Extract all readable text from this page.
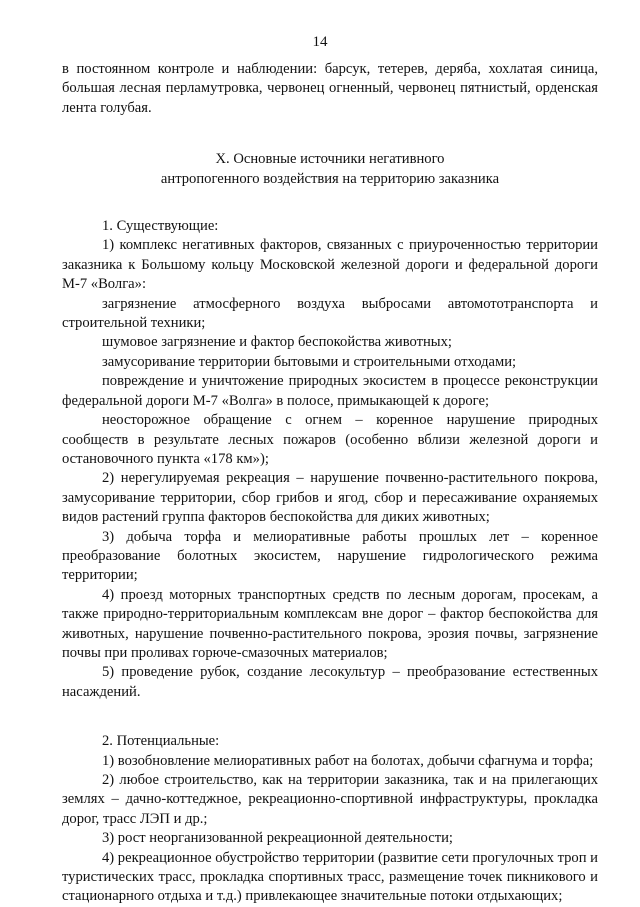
14

в постоянном контроле и наблюдении: барсук, тетерев, деряба, хохлатая синица, большая лесная перламутровка, червонец огненный, червонец пятнистый, орденская лента голубая.

X. Основные источники негативного
антропогенного воздействия на территорию заказника

1. Существующие:

1) комплекс негативных факторов, связанных с приуроченностью территории заказника к Большому кольцу Московской железной дороги и федеральной дороги М-7 «Волга»:

загрязнение атмосферного воздуха выбросами автомототранспорта и строительной техники;

шумовое загрязнение и фактор беспокойства животных;

замусоривание территории бытовыми и строительными отходами;

повреждение и уничтожение природных экосистем в процессе реконструкции федеральной дороги М-7 «Волга» в полосе, примыкающей к дороге;

неосторожное обращение с огнем – коренное нарушение природных сообществ в результате лесных пожаров (особенно вблизи железной дороги и остановочного пункта «178 км»);

2) нерегулируемая рекреация – нарушение почвенно-растительного покрова, замусоривание территории, сбор грибов и ягод, сбор и пересаживание охраняемых видов растений группа факторов беспокойства для диких животных;

3) добыча торфа и мелиоративные работы прошлых лет – коренное преобразование болотных экосистем, нарушение гидрологического режима территории;

4) проезд моторных транспортных средств по лесным дорогам, просекам, а также природно-территориальным комплексам вне дорог – фактор беспокойства для животных, нарушение почвенно-растительного покрова, эрозия почвы, загрязнение почвы при проливах горюче-смазочных материалов;

5) проведение рубок, создание лесокультур – преобразование естественных насаждений.

2. Потенциальные:

1) возобновление мелиоративных работ на болотах, добычи сфагнума и торфа;

2) любое строительство, как на территории заказника, так и на прилегающих землях – дачно-коттеджное, рекреационно-спортивной инфраструктуры, прокладка дорог, трасс ЛЭП и др.;

3) рост неорганизованной рекреационной деятельности;

4) рекреационное обустройство территории (развитие сети прогулочных троп и туристических трасс, прокладка спортивных трасс, размещение точек пикникового и стационарного отдыха и т.д.) привлекающее значительные потоки отдыхающих;
